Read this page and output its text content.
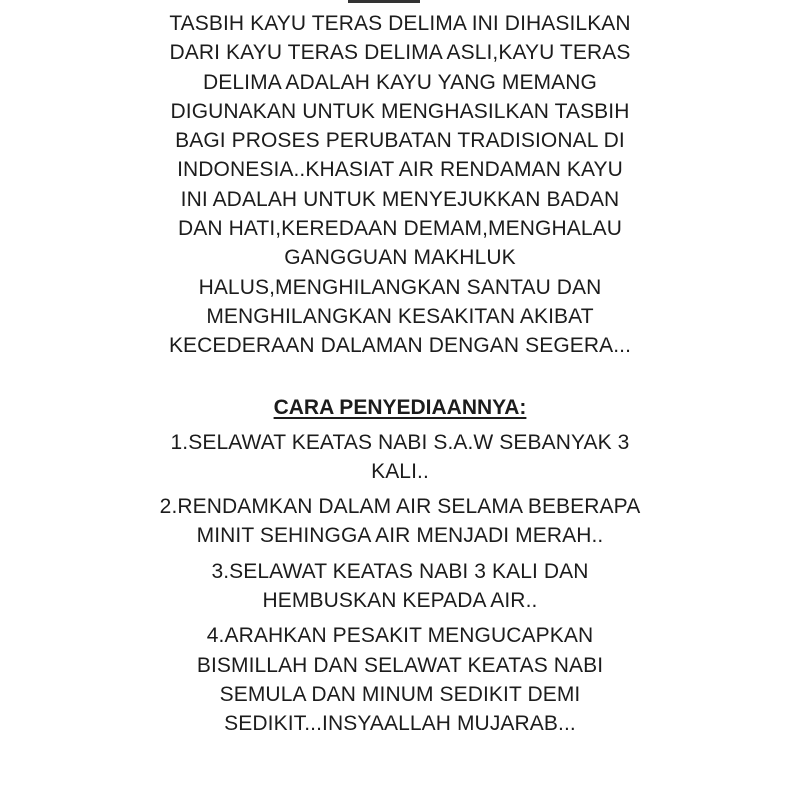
TASBIH KAYU TERAS DELIMA INI DIHASILKAN
DARI KAYU TERAS DELIMA ASLI,KAYU TERAS
DELIMA ADALAH KAYU YANG MEMANG
DIGUNAKAN UNTUK MENGHASILKAN TASBIH
BAGI PROSES PERUBATAN TRADISIONAL DI
INDONESIA..KHASIAT AIR RENDAMAN KAYU
INI ADALAH UNTUK MENYEJUKKAN BADAN
DAN HATI,KEREDAAN DEMAM,MENGHALAU
GANGGUAN MAKHLUK
HALUS,MENGHILANGKAN SANTAU DAN
MENGHILANGKAN KESAKITAN AKIBAT
KECEDERAAN DALAMAN DENGAN SEGERA...
CARA PENYEDIAANNYA:
1.SELAWAT KEATAS NABI S.A.W SEBANYAK 3
KALI..
2.RENDAMKAN DALAM AIR SELAMA BEBERAPA
MINIT SEHINGGA AIR MENJADI MERAH..
3.SELAWAT KEATAS NABI 3 KALI DAN
HEMBUSKAN KEPADA AIR..
4.ARAHKAN PESAKIT MENGUCAPKAN
BISMILLAH DAN SELAWAT KEATAS NABI
SEMULA DAN MINUM SEDIKIT DEMI
SEDIKIT...INSYAALLAH MUJARAB...
